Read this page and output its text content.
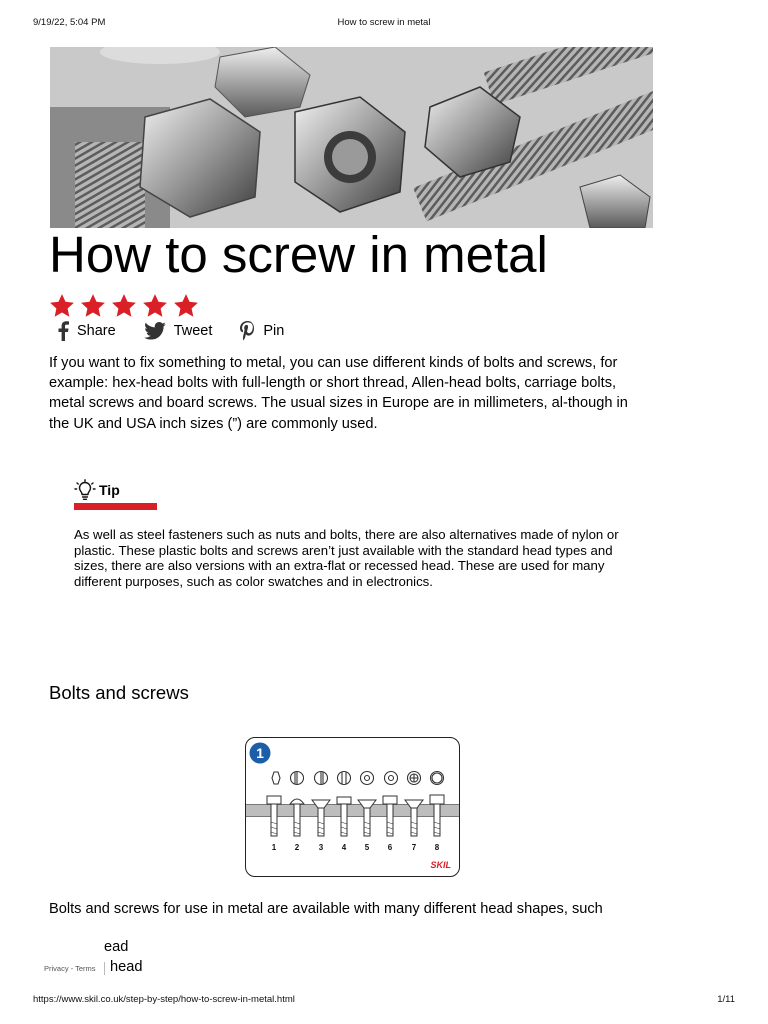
9/19/22, 5:04 PM	How to screw in metal
How to screw in metal
Share	Tweet	Pin

If you want to fix something to metal, you can use different kinds of bolts and screws, for example: hex-head bolts with full-length or short thread, Allen-head bolts, carriage bolts, metal screws and board screws. The usual sizes in Europe are in millimeters, al-though in the UK and USA inch sizes (”) are commonly used.

Tip

As well as steel fasteners such as nuts and bolts, there are also alternatives made of nylon or plastic. These plastic bolts and screws aren’t just available with the standard head types and sizes, there are also versions with an extra-flat or recessed head. These are used for many different purposes, such as color swatches and in electronics.

Bolts and screws
1
1 2 3 4 5 6 7 8
SKIL

Bolts and screws for use in metal are available with many different head shapes, such

ead
head
Privacy - Terms
https://www.skil.co.uk/step-by-step/how-to-screw-in-metal.html	1/11
